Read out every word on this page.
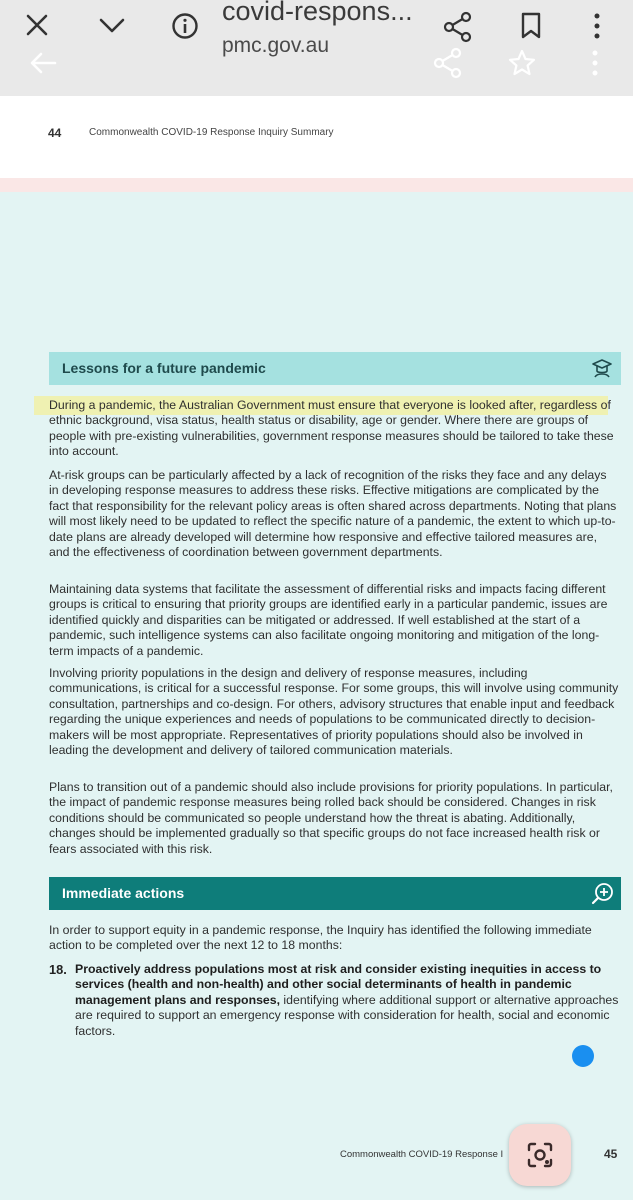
covid-respons...
pmc.gov.au
44	Commonwealth COVID-19 Response Inquiry Summary
Lessons for a future pandemic

During a pandemic, the Australian Government must ensure that everyone is looked after, regardless of ethnic background, visa status, health status or disability, age or gender. Where there are groups of people with pre-existing vulnerabilities, government response measures should be tailored to take these into account.

At-risk groups can be particularly affected by a lack of recognition of the risks they face and any delays in developing response measures to address these risks. Effective mitigations are complicated by the fact that responsibility for the relevant policy areas is often shared across departments. Noting that plans will most likely need to be updated to reflect the specific nature of a pandemic, the extent to which up-to-date plans are already developed will determine how responsive and effective tailored measures are, and the effectiveness of coordination between government departments.

Maintaining data systems that facilitate the assessment of differential risks and impacts facing different groups is critical to ensuring that priority groups are identified early in a particular pandemic, issues are identified quickly and disparities can be mitigated or addressed. If well established at the start of a pandemic, such intelligence systems can also facilitate ongoing monitoring and mitigation of the long-term impacts of a pandemic.

Involving priority populations in the design and delivery of response measures, including communications, is critical for a successful response. For some groups, this will involve using community consultation, partnerships and co-design. For others, advisory structures that enable input and feedback regarding the unique experiences and needs of populations to be communicated directly to decision-makers will be most appropriate. Representatives of priority populations should also be involved in leading the development and delivery of tailored communication materials.

Plans to transition out of a pandemic should also include provisions for priority populations. In particular, the impact of pandemic response measures being rolled back should be considered. Changes in risk conditions should be communicated so people understand how the threat is abating. Additionally, changes should be implemented gradually so that specific groups do not face increased health risk or fears associated with this risk.

Immediate actions

In order to support equity in a pandemic response, the Inquiry has identified the following immediate action to be completed over the next 12 to 18 months:

18. Proactively address populations most at risk and consider existing inequities in access to services (health and non-health) and other social determinants of health in pandemic management plans and responses, identifying where additional support or alternative approaches are required to support an emergency response with consideration for health, social and economic factors.

Commonwealth COVID-19 Response I	45
